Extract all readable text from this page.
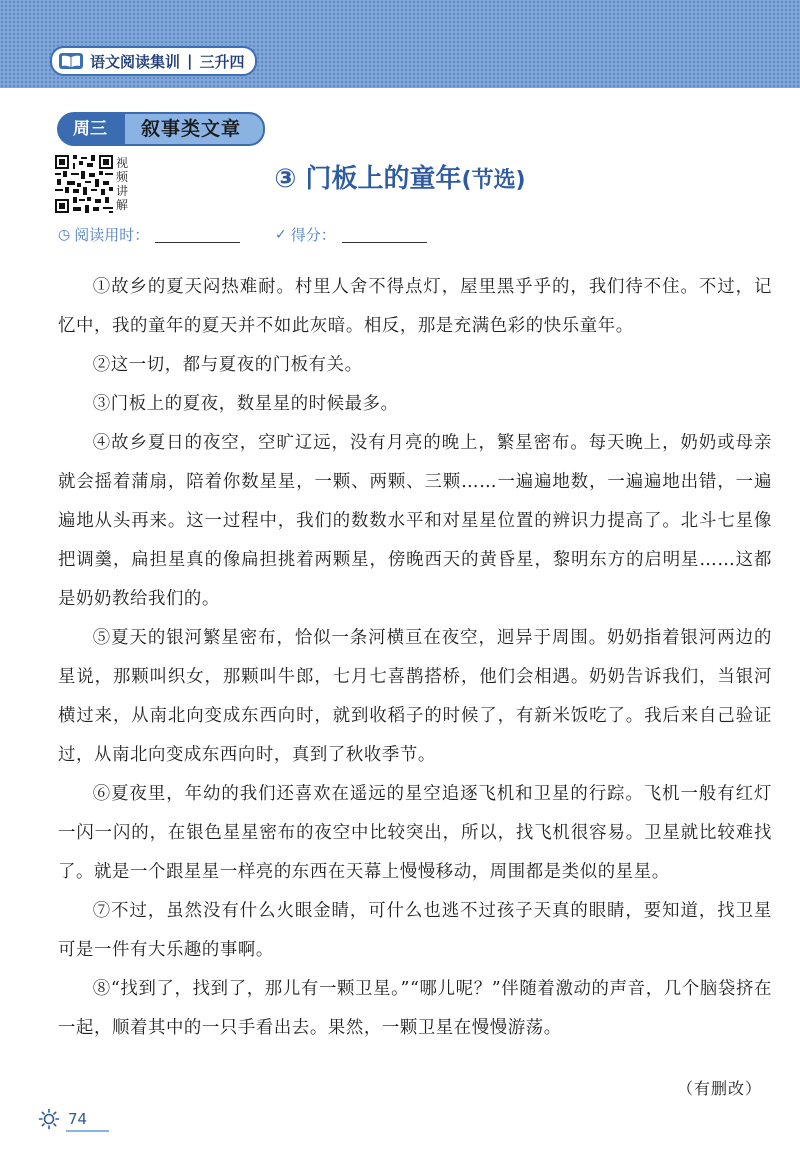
语文阅读集训 | 三升四
周三	叙事类文章
视
频
讲
解
③ 门板上的童年(节选)
◷ 阅读用时：	✓ 得分：

①故乡的夏天闷热难耐。村里人舍不得点灯，屋里黑乎乎的，我们待不住。不过，记忆中，我的童年的夏天并不如此灰暗。相反，那是充满色彩的快乐童年。

②这一切，都与夏夜的门板有关。

③门板上的夏夜，数星星的时候最多。

④故乡夏日的夜空，空旷辽远，没有月亮的晚上，繁星密布。每天晚上，奶奶或母亲就会摇着蒲扇，陪着你数星星，一颗、两颗、三颗……一遍遍地数，一遍遍地出错，一遍遍地从头再来。这一过程中，我们的数数水平和对星星位置的辨识力提高了。北斗七星像把调羹，扁担星真的像扁担挑着两颗星，傍晚西天的黄昏星，黎明东方的启明星……这都是奶奶教给我们的。

⑤夏天的银河繁星密布，恰似一条河横亘在夜空，迥异于周围。奶奶指着银河两边的星说，那颗叫织女，那颗叫牛郎，七月七喜鹊搭桥，他们会相遇。奶奶告诉我们，当银河横过来，从南北向变成东西向时，就到收稻子的时候了，有新米饭吃了。我后来自己验证过，从南北向变成东西向时，真到了秋收季节。

⑥夏夜里，年幼的我们还喜欢在遥远的星空追逐飞机和卫星的行踪。飞机一般有红灯一闪一闪的，在银色星星密布的夜空中比较突出，所以，找飞机很容易。卫星就比较难找了。就是一个跟星星一样亮的东西在天幕上慢慢移动，周围都是类似的星星。

⑦不过，虽然没有什么火眼金睛，可什么也逃不过孩子天真的眼睛，要知道，找卫星可是一件有大乐趣的事啊。

⑧“找到了，找到了，那儿有一颗卫星。”“哪儿呢？”伴随着激动的声音，几个脑袋挤在一起，顺着其中的一只手看出去。果然，一颗卫星在慢慢游荡。

（有删改）
74
